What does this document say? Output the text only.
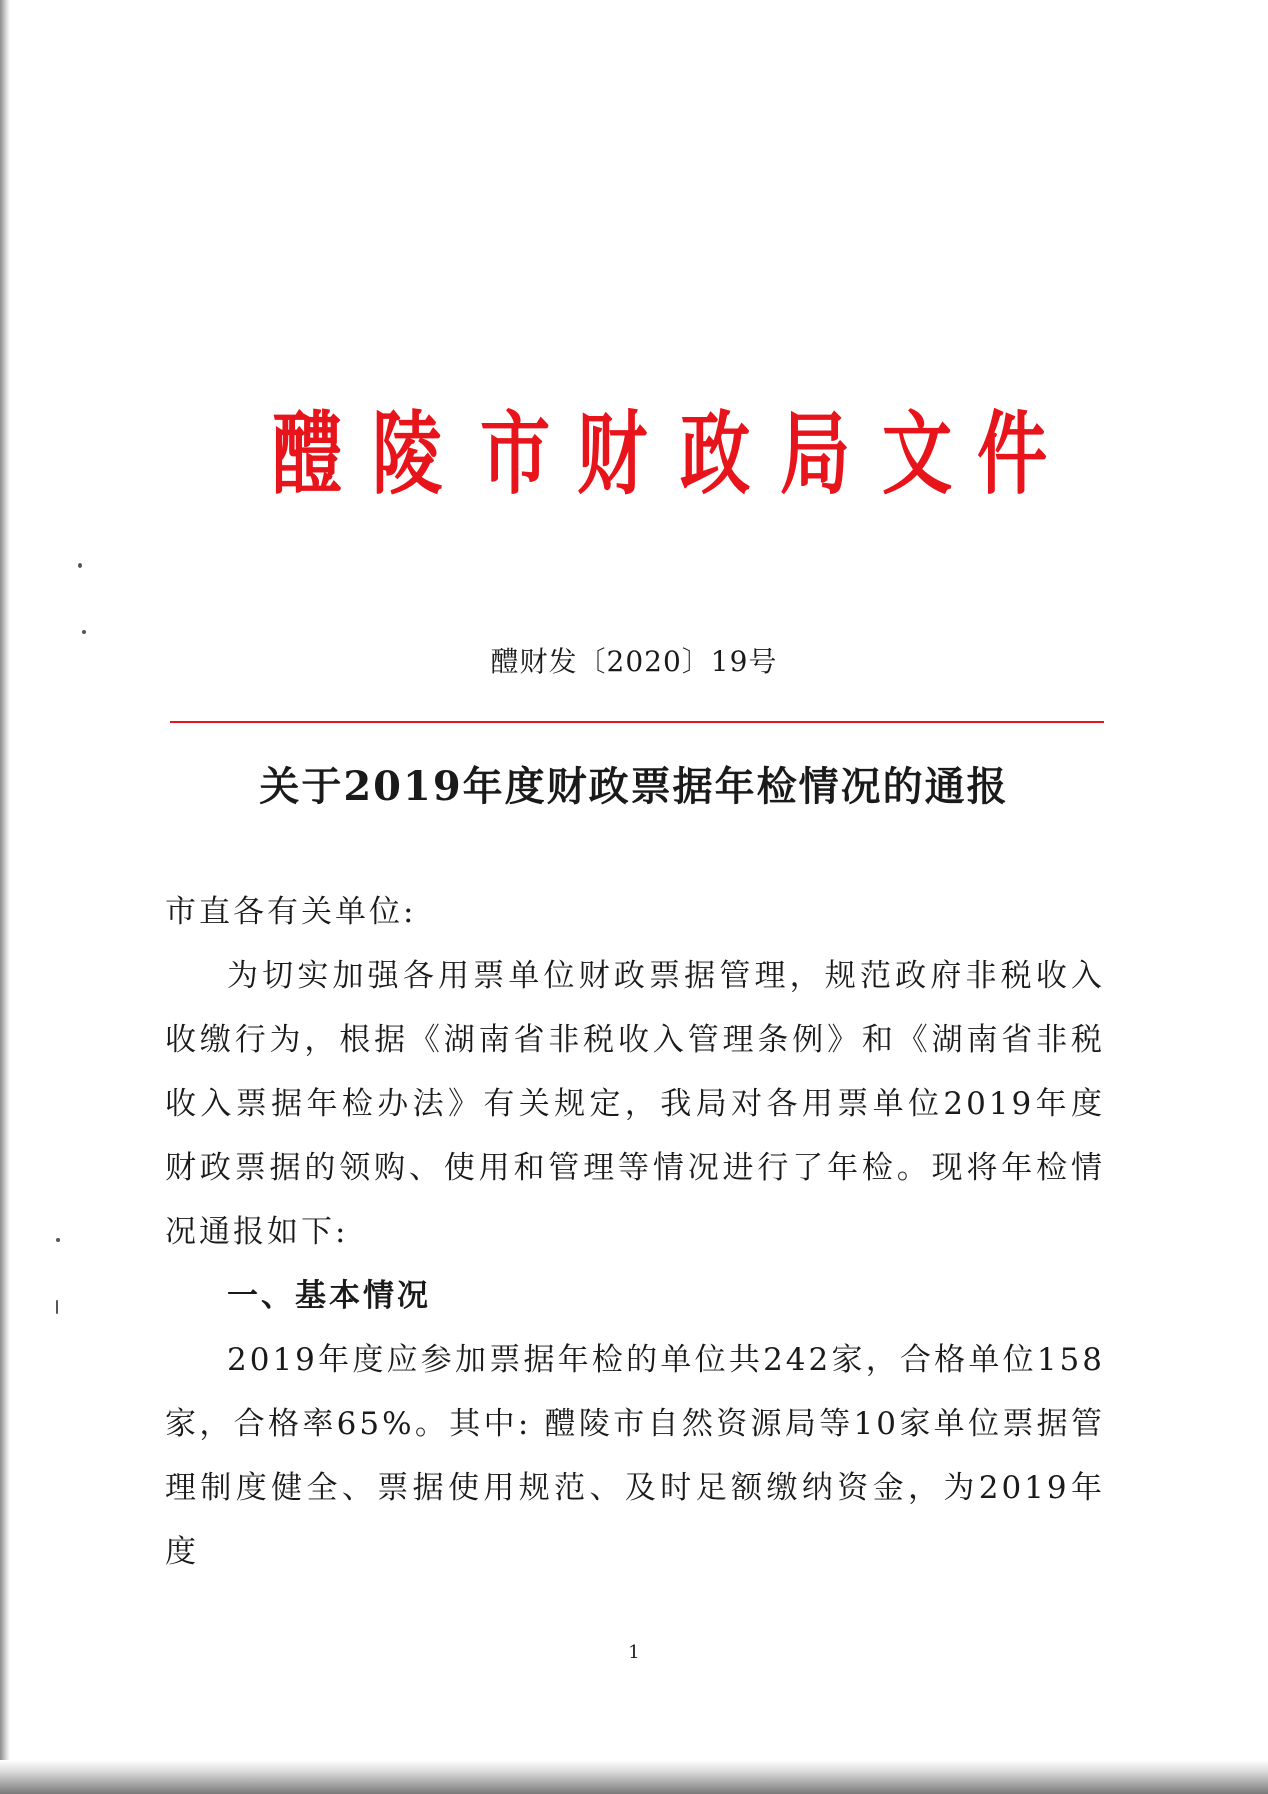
醴 陵 市 财 政 局 文 件
醴财发〔2020〕19号
关于2019年度财政票据年检情况的通报

市直各有关单位:

为切实加强各用票单位财政票据管理，规范政府非税收入收缴行为，根据《湖南省非税收入管理条例》和《湖南省非税收入票据年检办法》有关规定，我局对各用票单位2019年度财政票据的领购、使用和管理等情况进行了年检。现将年检情况通报如下:

一、基本情况

2019年度应参加票据年检的单位共242家，合格单位158家，合格率65%。其中: 醴陵市自然资源局等10家单位票据管理制度健全、票据使用规范、及时足额缴纳资金，为2019年度

1
